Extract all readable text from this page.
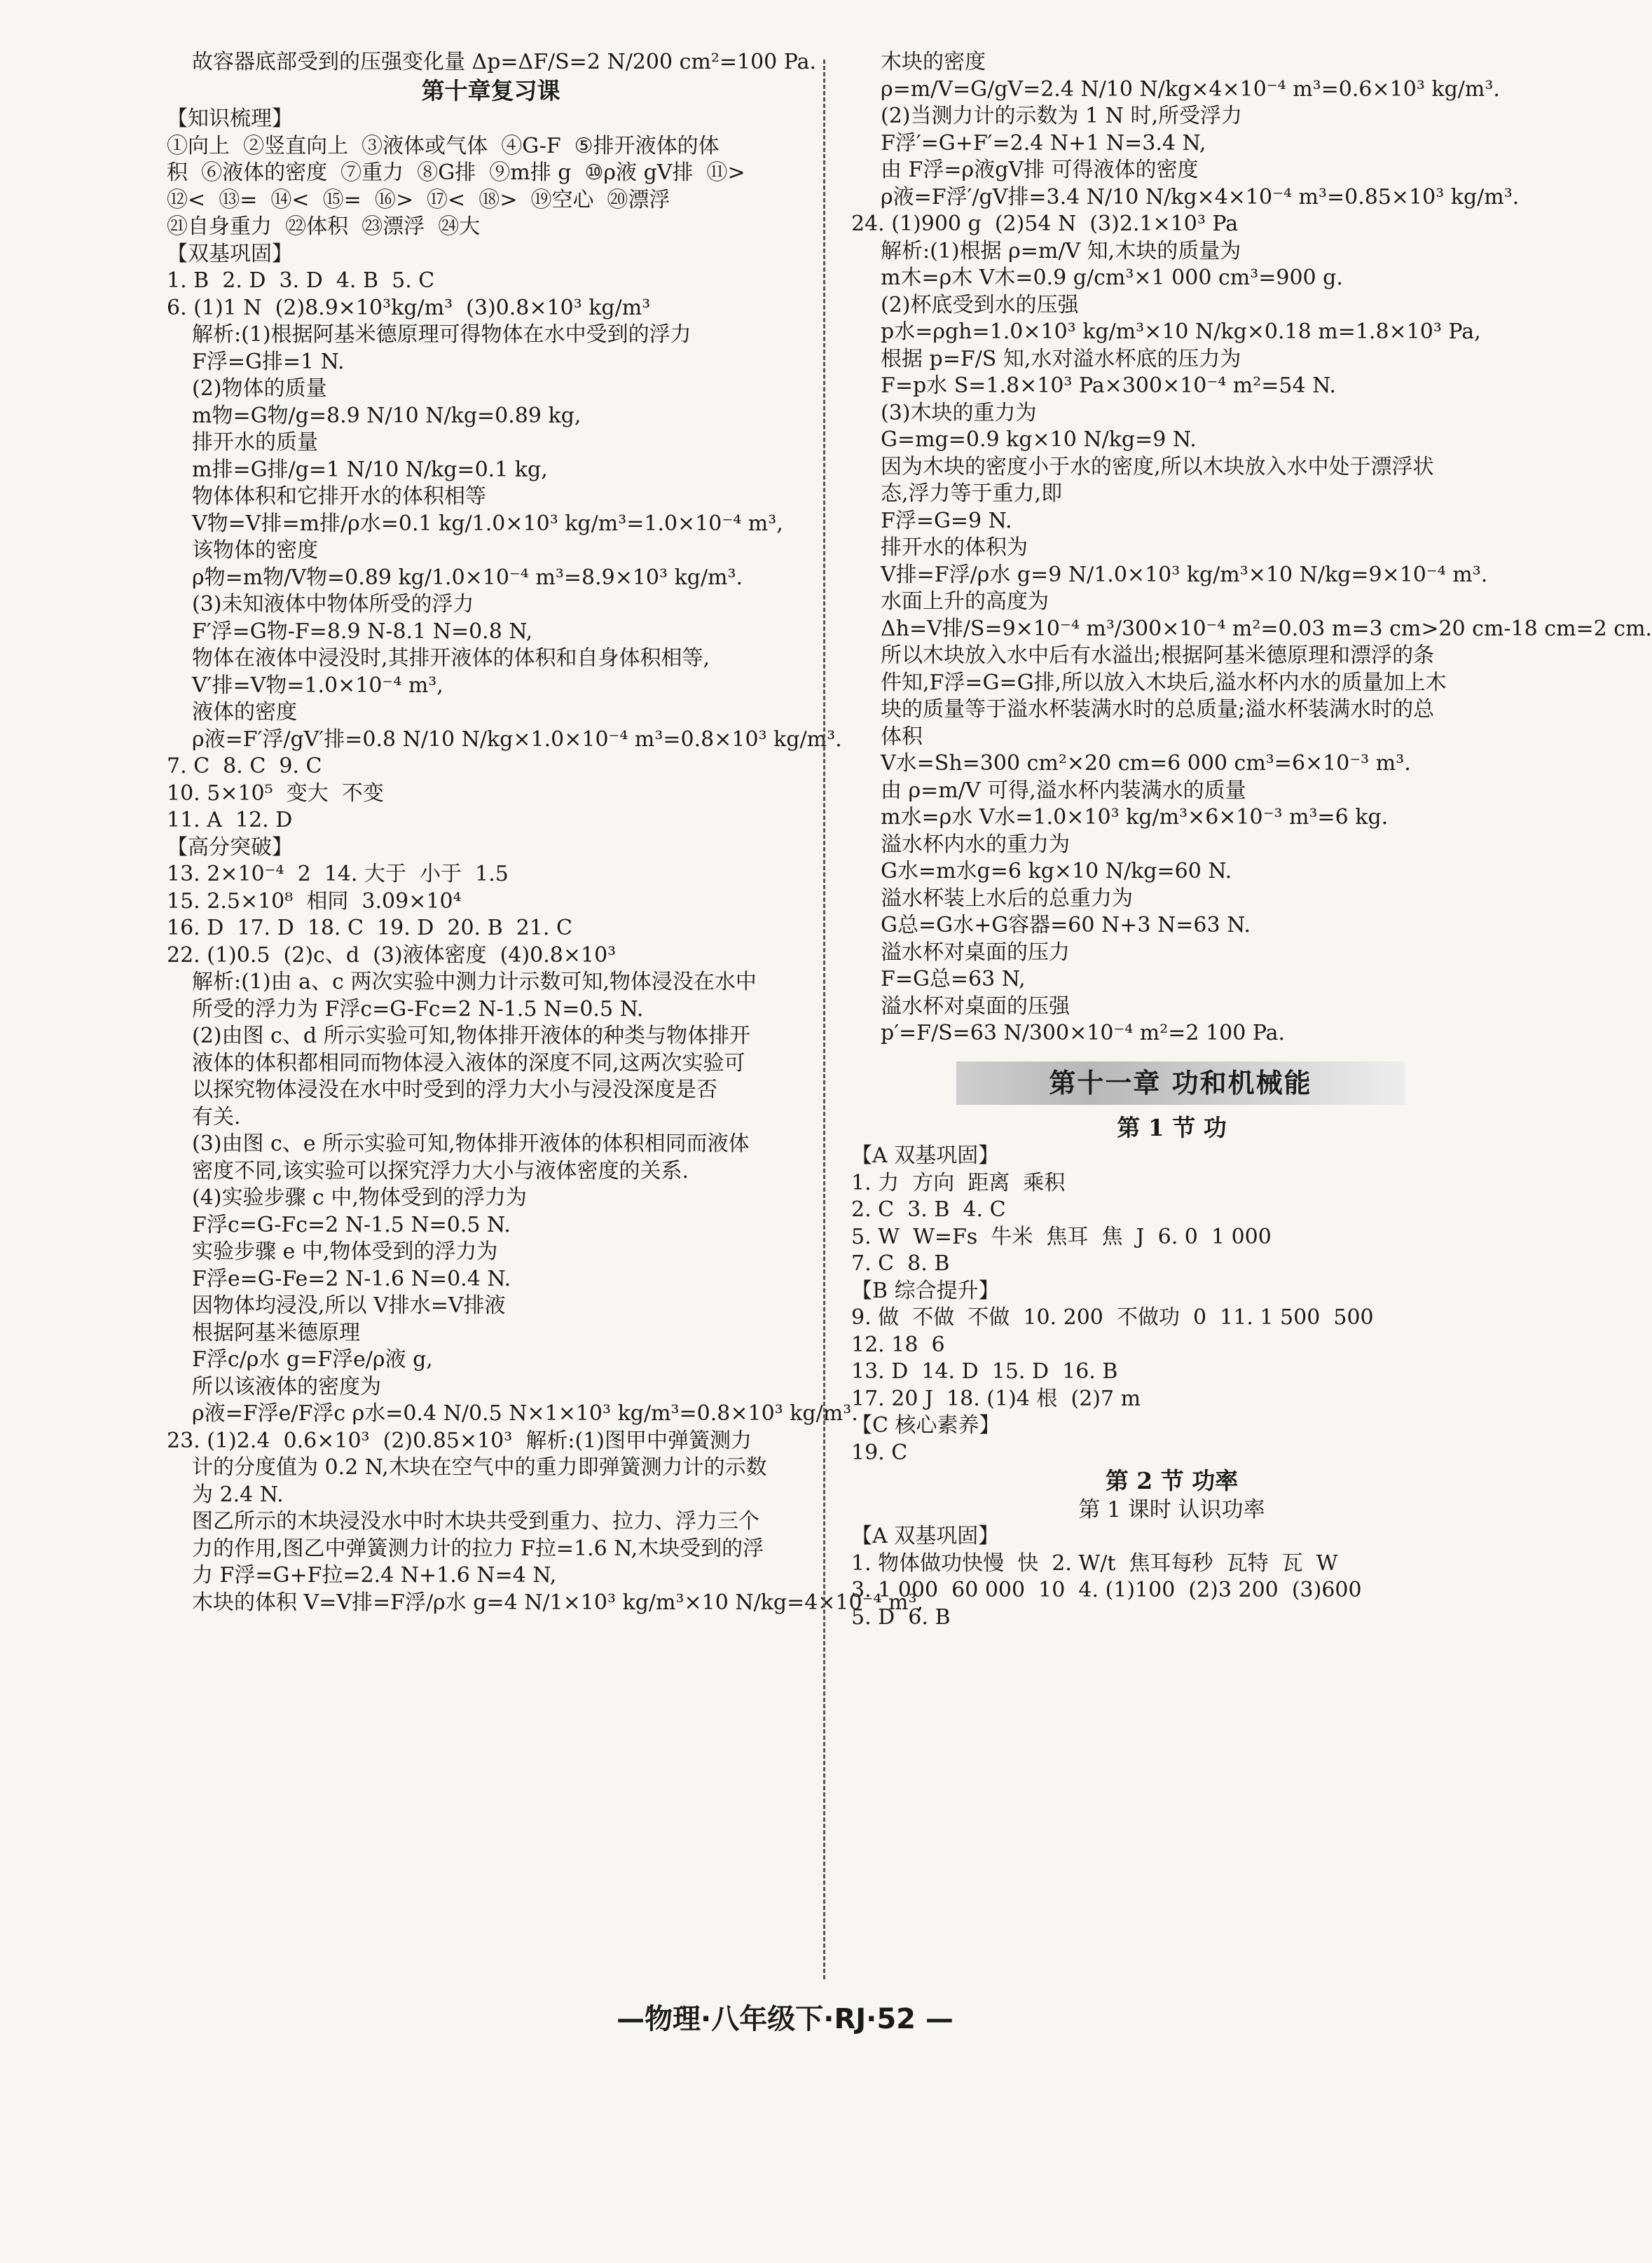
故容器底部受到的压强变化量 Δp=ΔF/S=2 N/200 cm²=100 Pa.
第十章复习课
【知识梳理】
①向上  ②竖直向上  ③液体或气体  ④G-F  ⑤排开液体的体
积  ⑥液体的密度  ⑦重力  ⑧G排  ⑨m排 g  ⑩ρ液 gV排  ⑪>
⑫<  ⑬=  ⑭<  ⑮=  ⑯>  ⑰<  ⑱>  ⑲空心  ⑳漂浮
㉑自身重力  ㉒体积  ㉓漂浮  ㉔大
【双基巩固】
1. B  2. D  3. D  4. B  5. C
6. (1)1 N  (2)8.9×10³kg/m³  (3)0.8×10³ kg/m³
解析:(1)根据阿基米德原理可得物体在水中受到的浮力
F浮=G排=1 N.
(2)物体的质量
m物=G物/g=8.9 N/10 N/kg=0.89 kg,
排开水的质量
m排=G排/g=1 N/10 N/kg=0.1 kg,
物体体积和它排开水的体积相等
V物=V排=m排/ρ水=0.1 kg/1.0×10³ kg/m³=1.0×10⁻⁴ m³,
该物体的密度
ρ物=m物/V物=0.89 kg/1.0×10⁻⁴ m³=8.9×10³ kg/m³.
(3)未知液体中物体所受的浮力
F′浮=G物-F=8.9 N-8.1 N=0.8 N,
物体在液体中浸没时,其排开液体的体积和自身体积相等,
V′排=V物=1.0×10⁻⁴ m³,
液体的密度
ρ液=F′浮/gV′排=0.8 N/10 N/kg×1.0×10⁻⁴ m³=0.8×10³ kg/m³.
7. C  8. C  9. C
10. 5×10⁵  变大  不变
11. A  12. D
【高分突破】
13. 2×10⁻⁴  2  14. 大于  小于  1.5
15. 2.5×10⁸  相同  3.09×10⁴
16. D  17. D  18. C  19. D  20. B  21. C
22. (1)0.5  (2)c、d  (3)液体密度  (4)0.8×10³
解析:(1)由 a、c 两次实验中测力计示数可知,物体浸没在水中
所受的浮力为 F浮c=G-Fc=2 N-1.5 N=0.5 N.
(2)由图 c、d 所示实验可知,物体排开液体的种类与物体排开
液体的体积都相同而物体浸入液体的深度不同,这两次实验可
以探究物体浸没在水中时受到的浮力大小与浸没深度是否
有关.
(3)由图 c、e 所示实验可知,物体排开液体的体积相同而液体
密度不同,该实验可以探究浮力大小与液体密度的关系.
(4)实验步骤 c 中,物体受到的浮力为
F浮c=G-Fc=2 N-1.5 N=0.5 N.
实验步骤 e 中,物体受到的浮力为
F浮e=G-Fe=2 N-1.6 N=0.4 N.
因物体均浸没,所以 V排水=V排液
根据阿基米德原理
F浮c/ρ水 g=F浮e/ρ液 g,
所以该液体的密度为
ρ液=F浮e/F浮c ρ水=0.4 N/0.5 N×1×10³ kg/m³=0.8×10³ kg/m³.
23. (1)2.4  0.6×10³  (2)0.85×10³  解析:(1)图甲中弹簧测力
计的分度值为 0.2 N,木块在空气中的重力即弹簧测力计的示数
为 2.4 N.
图乙所示的木块浸没水中时木块共受到重力、拉力、浮力三个
力的作用,图乙中弹簧测力计的拉力 F拉=1.6 N,木块受到的浮
力 F浮=G+F拉=2.4 N+1.6 N=4 N,
木块的体积 V=V排=F浮/ρ水 g=4 N/1×10³ kg/m³×10 N/kg=4×10⁻⁴ m³,
木块的密度
ρ=m/V=G/gV=2.4 N/10 N/kg×4×10⁻⁴ m³=0.6×10³ kg/m³.
(2)当测力计的示数为 1 N 时,所受浮力
F浮′=G+F′=2.4 N+1 N=3.4 N,
由 F浮=ρ液gV排 可得液体的密度
ρ液=F浮′/gV排=3.4 N/10 N/kg×4×10⁻⁴ m³=0.85×10³ kg/m³.
24. (1)900 g  (2)54 N  (3)2.1×10³ Pa
解析:(1)根据 ρ=m/V 知,木块的质量为
m木=ρ木 V木=0.9 g/cm³×1 000 cm³=900 g.
(2)杯底受到水的压强
p水=ρgh=1.0×10³ kg/m³×10 N/kg×0.18 m=1.8×10³ Pa,
根据 p=F/S 知,水对溢水杯底的压力为
F=p水 S=1.8×10³ Pa×300×10⁻⁴ m²=54 N.
(3)木块的重力为
G=mg=0.9 kg×10 N/kg=9 N.
因为木块的密度小于水的密度,所以木块放入水中处于漂浮状
态,浮力等于重力,即
F浮=G=9 N.
排开水的体积为
V排=F浮/ρ水 g=9 N/1.0×10³ kg/m³×10 N/kg=9×10⁻⁴ m³.
水面上升的高度为
Δh=V排/S=9×10⁻⁴ m³/300×10⁻⁴ m²=0.03 m=3 cm>20 cm-18 cm=2 cm.
所以木块放入水中后有水溢出;根据阿基米德原理和漂浮的条
件知,F浮=G=G排,所以放入木块后,溢水杯内水的质量加上木
块的质量等于溢水杯装满水时的总质量;溢水杯装满水时的总
体积
V水=Sh=300 cm²×20 cm=6 000 cm³=6×10⁻³ m³.
由 ρ=m/V 可得,溢水杯内装满水的质量
m水=ρ水 V水=1.0×10³ kg/m³×6×10⁻³ m³=6 kg.
溢水杯内水的重力为
G水=m水g=6 kg×10 N/kg=60 N.
溢水杯装上水后的总重力为
G总=G水+G容器=60 N+3 N=63 N.
溢水杯对桌面的压力
F=G总=63 N,
溢水杯对桌面的压强
p′=F/S=63 N/300×10⁻⁴ m²=2 100 Pa.
第十一章 功和机械能
第 1 节 功
【A 双基巩固】
1. 力  方向  距离  乘积
2. C  3. B  4. C
5. W  W=Fs  牛米  焦耳  焦  J  6. 0  1 000
7. C  8. B
【B 综合提升】
9. 做  不做  不做  10. 200  不做功  0  11. 1 500  500
12. 18  6
13. D  14. D  15. D  16. B
17. 20 J  18. (1)4 根  (2)7 m
【C 核心素养】
19. C
第 2 节 功率
第 1 课时 认识功率
【A 双基巩固】
1. 物体做功快慢  快  2. W/t  焦耳每秒  瓦特  瓦  W
3. 1 000  60 000  10  4. (1)100  (2)3 200  (3)600
5. D  6. B
—物理·八年级下·RJ·52 —
